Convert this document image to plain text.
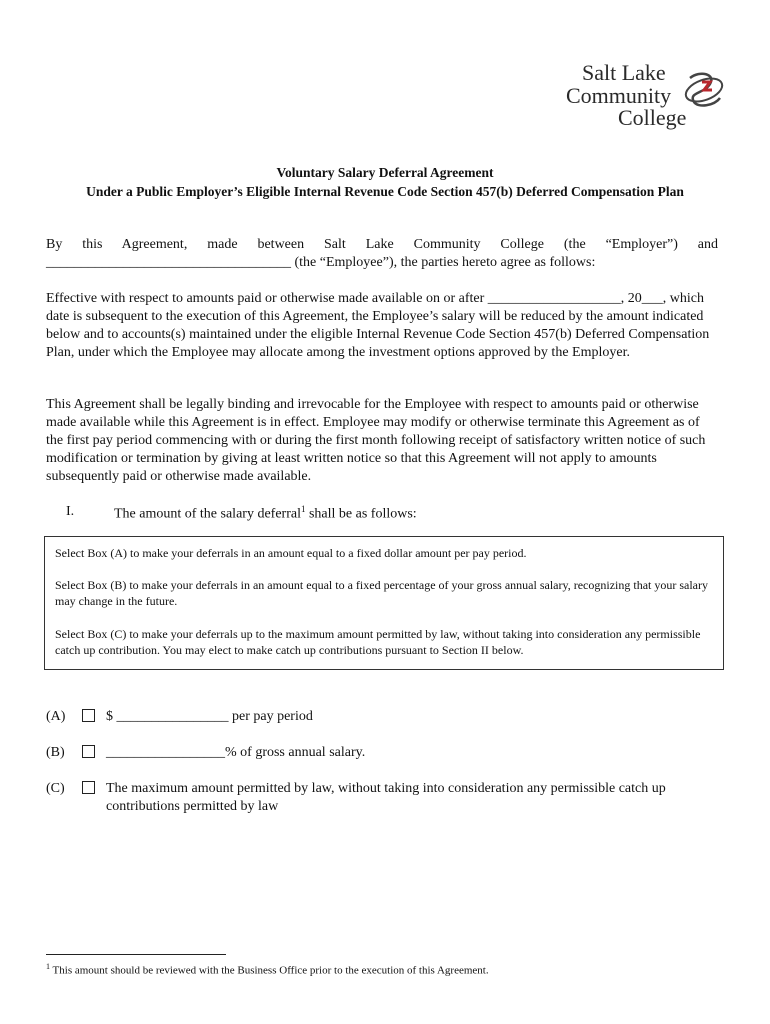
Salt Lake
Community
College
Voluntary Salary Deferral Agreement
Under a Public Employer’s Eligible Internal Revenue Code Section 457(b) Deferred Compensation Plan
By this Agreement, made between Salt Lake Community College (the “Employer”) and
___________________________________ (the “Employee”), the parties hereto agree as follows:
Effective with respect to amounts paid or otherwise made available on or after ___________________, 20___, which date is subsequent to the execution of this Agreement, the Employee’s salary will be reduced by the amount indicated below and to accounts(s) maintained under the eligible Internal Revenue Code Section 457(b) Deferred Compensation Plan, under which the Employee may allocate among the investment options approved by the Employer.
This Agreement shall be legally binding and irrevocable for the Employee with respect to amounts paid or otherwise made available while this Agreement is in effect. Employee may modify or otherwise terminate this Agreement as of the first pay period commencing with or during the first month following receipt of satisfactory written notice of such modification or termination by giving at least written notice so that this Agreement will not apply to amounts subsequently paid or otherwise made available.
I.	The amount of the salary deferral$^1$ shall be as follows:

Select Box (A) to make your deferrals in an amount equal to a fixed dollar amount per pay period.

Select Box (B) to make your deferrals in an amount equal to a fixed percentage of your gross annual salary, recognizing that your salary may change in the future.

Select Box (C) to make your deferrals up to the maximum amount permitted by law, without taking into consideration any permissible catch up contribution. You may elect to make catch up contributions pursuant to Section II below.

(A)	$ ________________ per pay period
(B)	_________________% of gross annual salary.
(C)	The maximum amount permitted by law, without taking into consideration any permissible catch up contributions permitted by law
$^1$ This amount should be reviewed with the Business Office prior to the execution of this Agreement.
